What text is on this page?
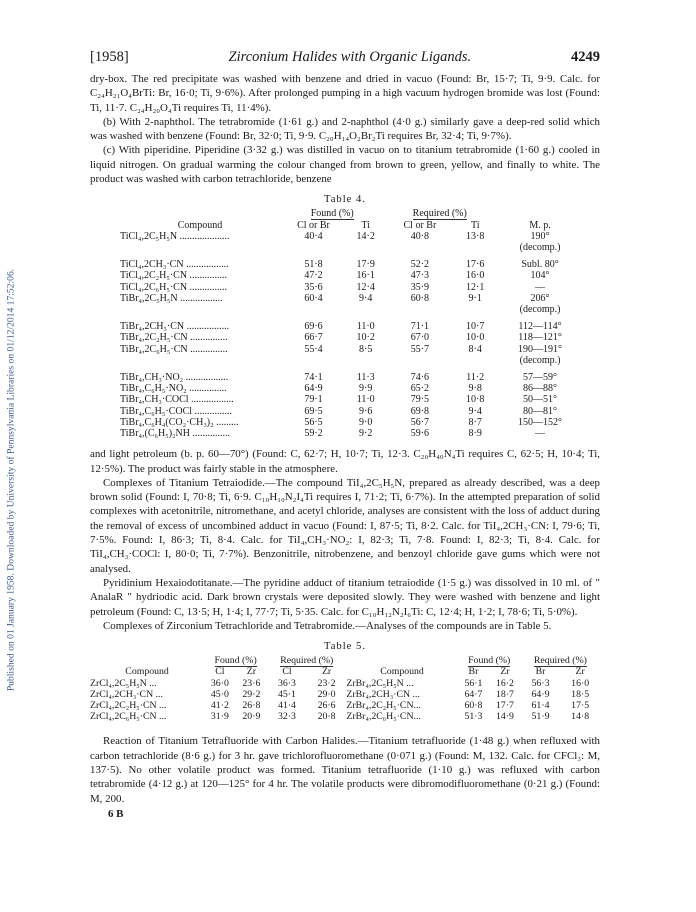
Published on 01 January 1958. Downloaded by University of Pennsylvania Libraries on 01/12/2014 17:52:06.
[1958]	Zirconium Halides with Organic Ligands.	4249

dry-box. The red precipitate was washed with benzene and dried in vacuo (Found: Br, 15·7; Ti, 9·9. Calc. for C₂₄H₂₁O₄BrTi: Br, 16·0; Ti, 9·6%). After prolonged pumping in a high vacuum hydrogen bromide was lost (Found: Ti, 11·7. C₂₄H₂₀O₄Ti requires Ti, 11·4%).

(b) With 2-naphthol. The tetrabromide (1·61 g.) and 2-naphthol (4·0 g.) similarly gave a deep-red solid which was washed with benzene (Found: Br, 32·0; Ti, 9·9. C₂₀H₁₄O₂Br₂Ti requires Br, 32·4; Ti, 9·7%).

(c) With piperidine. Piperidine (3·32 g.) was distilled in vacuo on to titanium tetrabromide (1·60 g.) cooled in liquid nitrogen. On gradual warming the colour changed from brown to green, yellow, and finally to white. The product was washed with carbon tetrachloride, benzene

Table 4.
	Found (%)		Required (%)		
Compound	Cl or Br	Ti	Cl or Br	Ti	M. p.
TiCl₄,2C₅H₅N ....................	40·4	14·2	40·8	13·8	190°
					(decomp.)

TiCl₄,2CH₃·CN .................	51·8	17·9	52·2	17·6	Subl. 80°
TiCl₄,2C₂H₅·CN ...............	47·2	16·1	47·3	16·0	104°
TiCl₄,2C₆H₅·CN ...............	35·6	12·4	35·9	12·1	—
TiBr₄,2C₅H₅N .................	60·4	9·4	60·8	9·1	206°
					(decomp.)

TiBr₄,2CH₃·CN .................	69·6	11·0	71·1	10·7	112—114°
TiBr₄,2C₂H₅·CN ...............	66·7	10·2	67·0	10·0	118—121°
TiBr₄,2C₆H₅·CN ...............	55·4	8·5	55·7	8·4	190—191°
					(decomp.)

TiBr₄,CH₃·NO₂ .................	74·1	11·3	74·6	11·2	57—59°
TiBr₄,C₆H₅·NO₂ ...............	64·9	9·9	65·2	9·8	86—88°
TiBr₄,CH₃·COCl .................	79·1	11·0	79·5	10·8	50—51°
TiBr₄,C₆H₅·COCl ...............	69·5	9·6	69·8	9·4	80—81°
TiBr₄,C₆H₄(CO₂·CH₃)₂ .........	56·5	9·0	56·7	8·7	150—152°
TiBr₄,(C₆H₅)₂NH ...............	59·2	9·2	59·6	8·9	—

and light petroleum (b. p. 60—70°) (Found: C, 62·7; H, 10·7; Ti, 12·3. C₂₀H₄₀N₄Ti requires C, 62·5; H, 10·4; Ti, 12·5%). The product was fairly stable in the atmosphere.

Complexes of Titanium Tetraiodide.—The compound TiI₄,2C₅H₅N, prepared as already described, was a deep brown solid (Found: I, 70·8; Ti, 6·9. C₁₀H₁₀N₂I₄Ti requires I, 71·2; Ti, 6·7%). In the attempted preparation of solid complexes with acetonitrile, nitromethane, and acetyl chloride, analyses are consistent with the loss of adduct during the removal of excess of uncombined adduct in vacuo (Found: I, 87·5; Ti, 8·2. Calc. for TiI₄,2CH₃·CN: I, 79·6; Ti, 7·5%. Found: I, 86·3; Ti, 8·4. Calc. for TiI₄,CH₃·NO₂: I, 82·3; Ti, 7·8. Found: I, 82·3; Ti, 8·4. Calc. for TiI₄,CH₃·COCl: I, 80·0; Ti, 7·7%). Benzonitrile, nitrobenzene, and benzoyl chloride gave gums which were not analysed.

Pyridinium Hexaiodotitanate.—The pyridine adduct of titanium tetraiodide (1·5 g.) was dissolved in 10 ml. of " AnalaR " hydriodic acid. Dark brown crystals were deposited slowly. They were washed with benzene and light petroleum (Found: C, 13·5; H, 1·4; I, 77·7; Ti, 5·35. Calc. for C₁₀H₁₂N₂I₆Ti: C, 12·4; H, 1·2; I, 78·6; Ti, 5·0%).

Complexes of Zirconium Tetrachloride and Tetrabromide.—Analyses of the compounds are in Table 5.

Table 5.
	Found (%)		Required (%)			Found (%)		Required (%)	
Compound	Cl	Zr	Cl	Zr	Compound	Br	Zr	Br	Zr
ZrCl₄,2C₅H₅N ...	36·0	23·6	36·3	23·2	ZrBr₄,2C₅H₅N ...	56·1	16·2	56·3	16·0
ZrCl₄,2CH₃·CN ...	45·0	29·2	45·1	29·0	ZrBr₄,2CH₃·CN ...	64·7	18·7	64·9	18·5
ZrCl₄,2C₂H₅·CN ...	41·2	26·8	41·4	26·6	ZrBr₄,2C₂H₅·CN...	60·8	17·7	61·4	17·5
ZrCl₄,2C₆H₅·CN ...	31·9	20·9	32·3	20·8	ZrBr₄,2C₆H₅·CN...	51·3	14·9	51·9	14·8

Reaction of Titanium Tetrafluoride with Carbon Halides.—Titanium tetrafluoride (1·48 g.) when refluxed with carbon tetrachloride (8·6 g.) for 3 hr. gave trichlorofluoromethane (0·071 g.) (Found: M, 132. Calc. for CFCl₃: M, 137·5). No other volatile product was formed. Titanium tetrafluoride (1·10 g.) was refluxed with carbon tetrabromide (4·12 g.) at 120—125° for 4 hr. The volatile products were dibromodifluoromethane (0·21 g.) (Found: M, 200.

6 B
